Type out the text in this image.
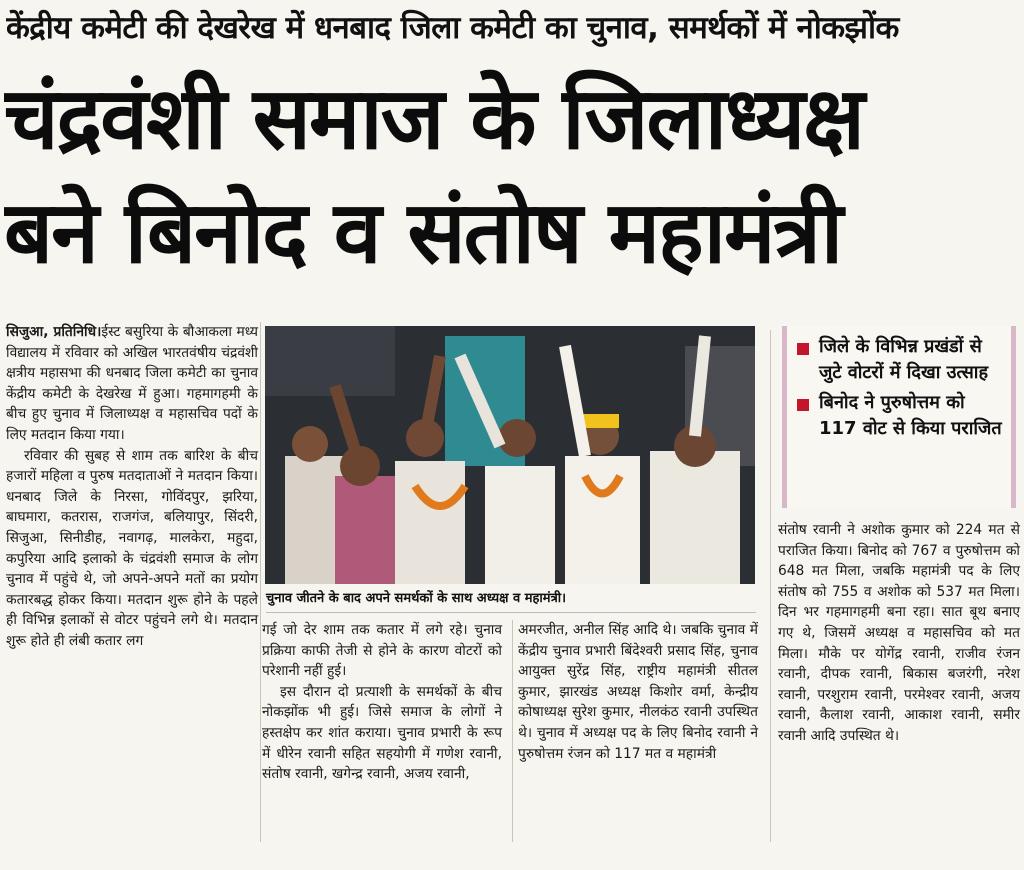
केंद्रीय कमेटी की देखरेख में धनबाद जिला कमेटी का चुनाव, समर्थकों में नोकझोंक
चंद्रवंशी समाज के जिलाध्यक्ष
बने बिनोद व संतोष महामंत्री

सिजुआ, प्रतिनिधि।ईस्ट बसुरिया के बौआकला मध्य विद्यालय में रविवार को अखिल भारतवंषीय चंद्रवंशी क्षत्रीय महासभा की धनबाद जिला कमेटी का चुनाव केंद्रीय कमेटी के देखरेख में हुआ। गहमागहमी के बीच हुए चुनाव में जिलाध्यक्ष व महासचिव पदों के लिए मतदान किया गया।

रविवार की सुबह से शाम तक बारिश के बीच हजारों महिला व पुरुष मतदाताओं ने मतदान किया। धनबाद जिले के निरसा, गोविंदपुर, झरिया, बाघमारा, कतरास, राजगंज, बलियापुर, सिंदरी, सिजुआ, सिनीडीह, नवागढ़, मालकेरा, महुदा, कपुरिया आदि इलाको के चंद्रवंशी समाज के लोग चुनाव में पहुंचे थे, जो अपने-अपने मतों का प्रयोग कतारबद्ध होकर किया। मतदान शुरू होने के पहले ही विभिन्न इलाकों से वोटर पहुंचने लगे थे। मतदान शुरू होते ही लंबी कतार लग

चुनाव जीतने के बाद अपने समर्थकों के साथ अध्यक्ष व महामंत्री।
जिले के विभिन्न प्रखंडों से जुटे वोटरों में दिखा उत्साह
बिनोद ने पुरुषोत्तम को 117 वोट से किया पराजित

गई जो देर शाम तक कतार में लगे रहे। चुनाव प्रक्रिया काफी तेजी से होने के कारण वोटरों को परेशानी नहीं हुई।

इस दौरान दो प्रत्याशी के समर्थकों के बीच नोकझोंक भी हुई। जिसे समाज के लोगों ने हस्तक्षेप कर शांत कराया। चुनाव प्रभारी के रूप में धीरेन रवानी सहित सहयोगी में गणेश रवानी, संतोष रवानी, खगेन्द्र रवानी, अजय रवानी,

अमरजीत, अनील सिंह आदि थे। जबकि चुनाव में केंद्रीय चुनाव प्रभारी बिंदेश्वरी प्रसाद सिंह, चुनाव आयुक्त सुरेंद्र सिंह, राष्ट्रीय महामंत्री सीतल कुमार, झारखंड अध्यक्ष किशोर वर्मा, केन्द्रीय कोषाध्यक्ष सुरेश कुमार, नीलकंठ रवानी उपस्थित थे। चुनाव में अध्यक्ष पद के लिए बिनोद रवानी ने पुरुषोत्तम रंजन को 117 मत व महामंत्री

संतोष रवानी ने अशोक कुमार को 224 मत से पराजित किया। बिनोद को 767 व पुरुषोत्तम को 648 मत मिला, जबकि महामंत्री पद के लिए संतोष को 755 व अशोक को 537 मत मिला। दिन भर गहमागहमी बना रहा। सात बूथ बनाए गए थे, जिसमें अध्यक्ष व महासचिव को मत मिला। मौके पर योगेंद्र रवानी, राजीव रंजन रवानी, दीपक रवानी, बिकास बजरंगी, नरेश रवानी, परशुराम रवानी, परमेश्वर रवानी, अजय रवानी, कैलाश रवानी, आकाश रवानी, समीर रवानी आदि उपस्थित थे।
